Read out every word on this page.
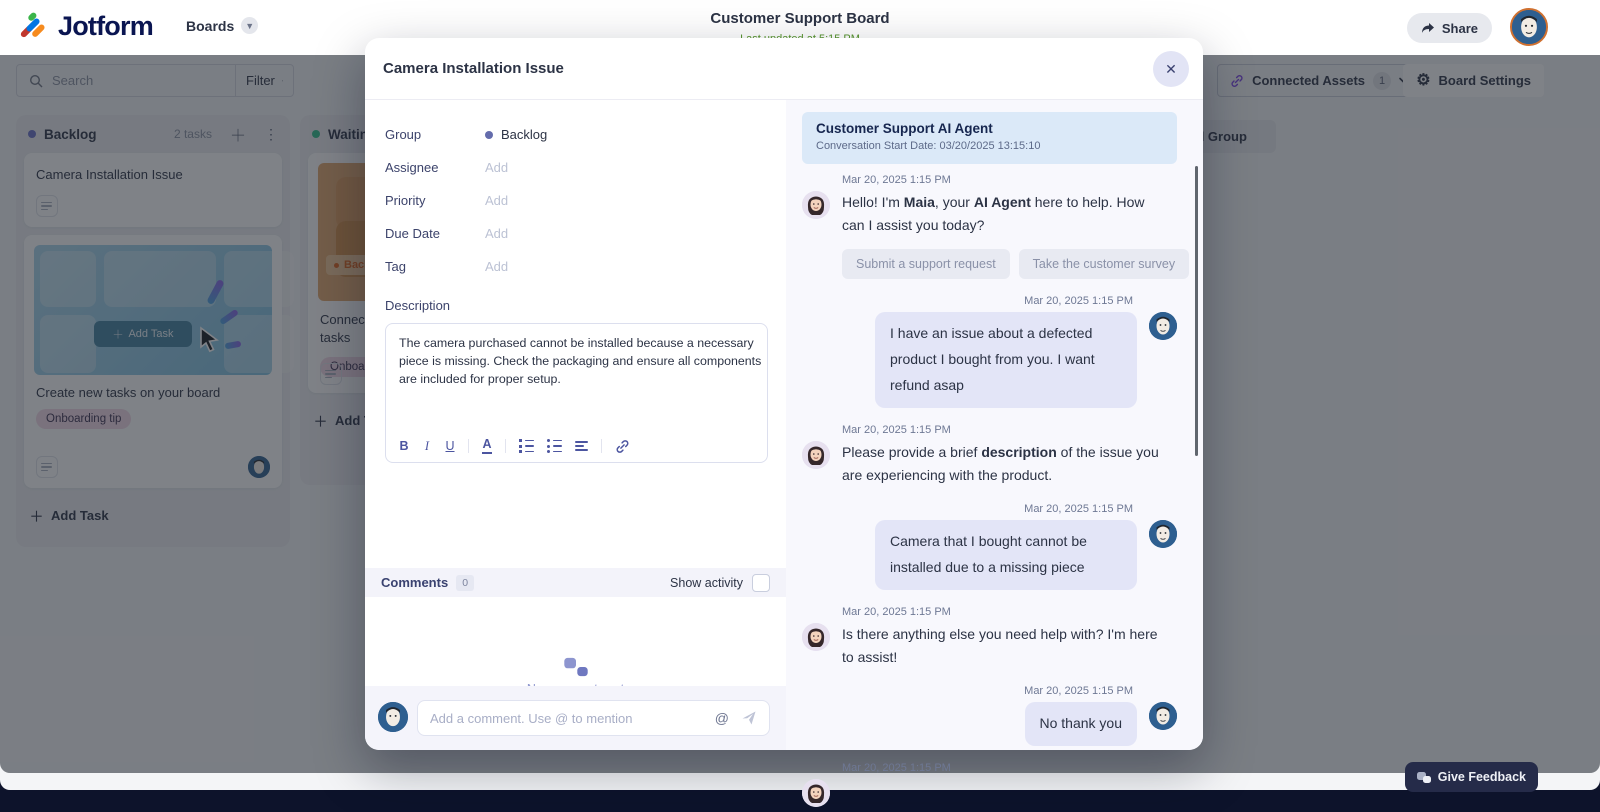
Jotform Boards	▼	Customer Support Board
Share
Give Feedback
Camera Installation Issue	✕
Group	Backlog
Assignee	Add
Priority	Add
Due Date	Add
Tag	Add
Description
The camera purchased cannot be installed because a necessary piece is missing. Check the packaging and ensure all components are included for proper setup.
B I U A
Comments	0	Show activity
Add a comment. Use @ to mention	@
Customer Support AI Agent
Conversation Start Date: 03/20/2025 13:15:10
Mar 20, 2025 1:15 PM
Hello! I'm Maia, your AI Agent here to help. How can I assist you today?
Submit a support request	Take the customer survey
Mar 20, 2025 1:15 PM
I have an issue about a defected product I bought from you. I want refund asap
Mar 20, 2025 1:15 PM
Please provide a brief description of the issue you are experiencing with the product.
Mar 20, 2025 1:15 PM
Camera that I bought cannot be installed due to a missing piece
Mar 20, 2025 1:15 PM
Is there anything else you need help with? I'm here to assist!
Mar 20, 2025 1:15 PM
No thank you
Mar 20, 2025 1:15 PM
